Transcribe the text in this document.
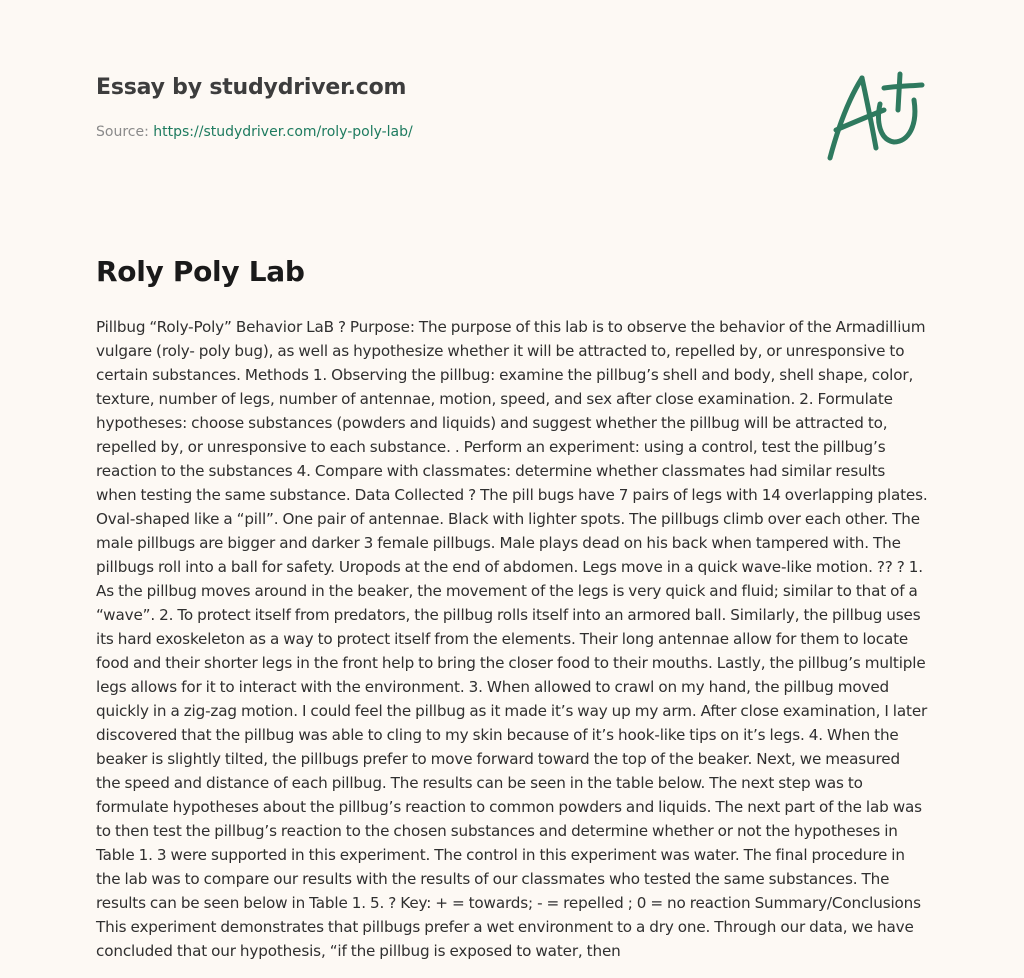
Essay by studydriver.com
Source: https://studydriver.com/roly-poly-lab/
Roly Poly Lab

Pillbug “Roly-Poly” Behavior LaB ? Purpose: The purpose of this lab is to observe the behavior of the Armadillium vulgare (roly- poly bug), as well as hypothesize whether it will be attracted to, repelled by, or unresponsive to certain substances. Methods 1. Observing the pillbug: examine the pillbug’s shell and body, shell shape, color, texture, number of legs, number of antennae, motion, speed, and sex after close examination. 2. Formulate hypotheses: choose substances (powders and liquids) and suggest whether the pillbug will be attracted to, repelled by, or unresponsive to each substance. . Perform an experiment: using a control, test the pillbug’s reaction to the substances 4. Compare with classmates: determine whether classmates had similar results when testing the same substance. Data Collected ? The pill bugs have 7 pairs of legs with 14 overlapping plates. Oval-shaped like a “pill”. One pair of antennae. Black with lighter spots. The pillbugs climb over each other. The male pillbugs are bigger and darker 3 female pillbugs. Male plays dead on his back when tampered with. The pillbugs roll into a ball for safety. Uropods at the end of abdomen. Legs move in a quick wave-like motion. ?? ? 1. As the pillbug moves around in the beaker, the movement of the legs is very quick and fluid; similar to that of a “wave”. 2. To protect itself from predators, the pillbug rolls itself into an armored ball. Similarly, the pillbug uses its hard exoskeleton as a way to protect itself from the elements. Their long antennae allow for them to locate food and their shorter legs in the front help to bring the closer food to their mouths. Lastly, the pillbug’s multiple legs allows for it to interact with the environment. 3. When allowed to crawl on my hand, the pillbug moved quickly in a zig-zag motion. I could feel the pillbug as it made it’s way up my arm. After close examination, I later discovered that the pillbug was able to cling to my skin because of it’s hook-like tips on it’s legs. 4. When the beaker is slightly tilted, the pillbugs prefer to move forward toward the top of the beaker. Next, we measured the speed and distance of each pillbug. The results can be seen in the table below. The next step was to formulate hypotheses about the pillbug’s reaction to common powders and liquids. The next part of the lab was to then test the pillbug’s reaction to the chosen substances and determine whether or not the hypotheses in Table 1. 3 were supported in this experiment. The control in this experiment was water. The final procedure in the lab was to compare our results with the results of our classmates who tested the same substances. The results can be seen below in Table 1. 5. ? Key: + = towards; - = repelled ; 0 = no reaction Summary/Conclusions This experiment demonstrates that pillbugs prefer a wet environment to a dry one. Through our data, we have concluded that our hypothesis, “if the pillbug is exposed to water, then
